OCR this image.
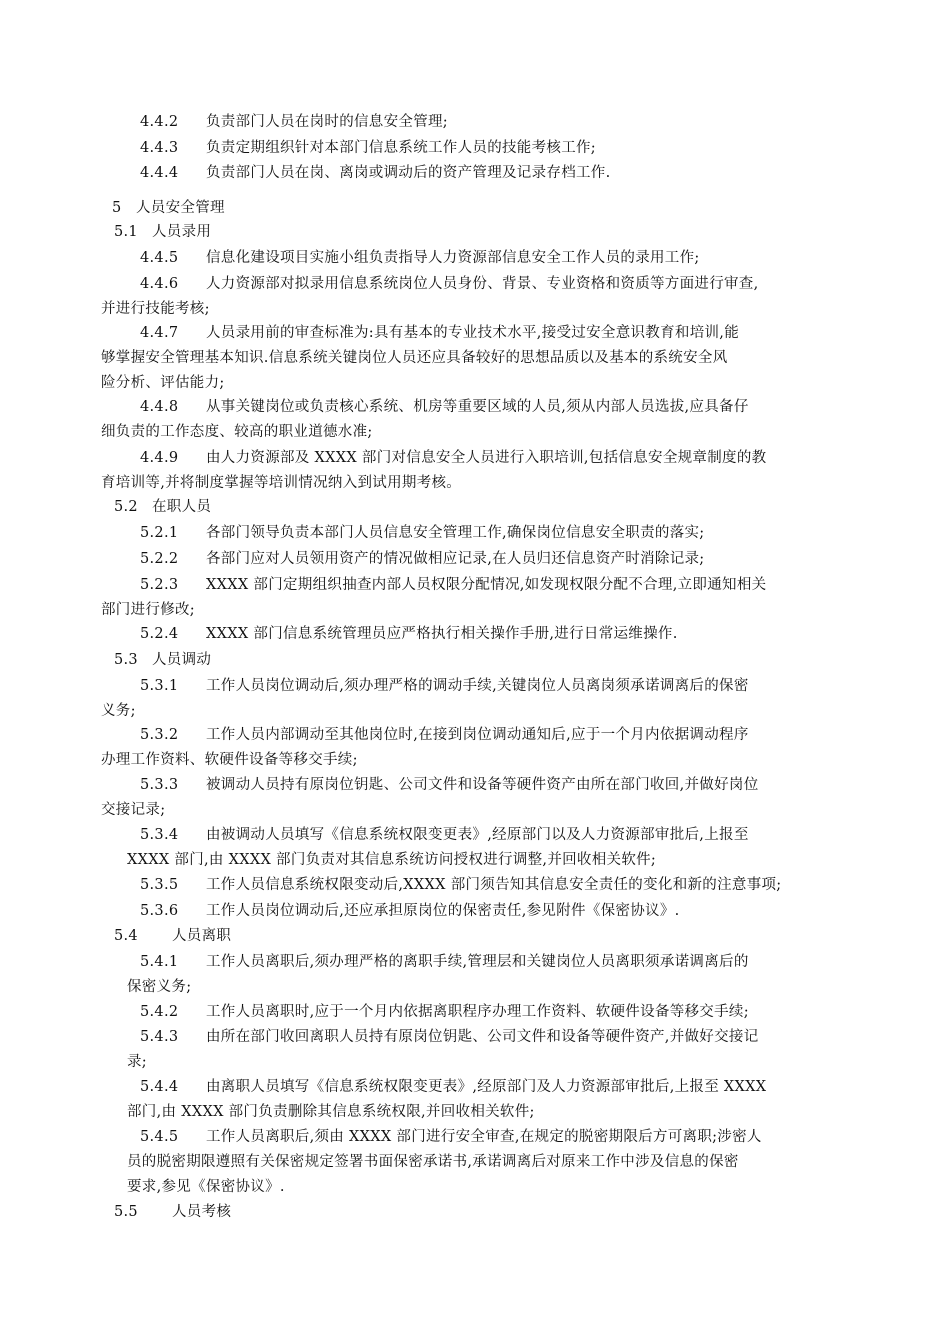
4.4.2 负责部门人员在岗时的信息安全管理;
4.4.3 负责定期组织针对本部门信息系统工作人员的技能考核工作;
4.4.4 负责部门人员在岗、离岗或调动后的资产管理及记录存档工作.
5 人员安全管理
5.1 人员录用
4.4.5 信息化建设项目实施小组负责指导人力资源部信息安全工作人员的录用工作;
4.4.6 人力资源部对拟录用信息系统岗位人员身份、背景、专业资格和资质等方面进行审查,
并进行技能考核;
4.4.7 人员录用前的审查标准为:具有基本的专业技术水平,接受过安全意识教育和培训,能
够掌握安全管理基本知识.信息系统关键岗位人员还应具备较好的思想品质以及基本的系统安全风
险分析、评估能力;
4.4.8 从事关键岗位或负责核心系统、机房等重要区域的人员,须从内部人员选拔,应具备仔
细负责的工作态度、较高的职业道德水准;
4.4.9 由人力资源部及 XXXX 部门对信息安全人员进行入职培训,包括信息安全规章制度的教
育培训等,并将制度掌握等培训情况纳入到试用期考核。
5.2 在职人员
5.2.1 各部门领导负责本部门人员信息安全管理工作,确保岗位信息安全职责的落实;
5.2.2 各部门应对人员领用资产的情况做相应记录,在人员归还信息资产时消除记录;
5.2.3 XXXX 部门定期组织抽查内部人员权限分配情况,如发现权限分配不合理,立即通知相关
部门进行修改;
5.2.4 XXXX 部门信息系统管理员应严格执行相关操作手册,进行日常运维操作.
5.3 人员调动
5.3.1 工作人员岗位调动后,须办理严格的调动手续,关键岗位人员离岗须承诺调离后的保密
义务;
5.3.2 工作人员内部调动至其他岗位时,在接到岗位调动通知后,应于一个月内依据调动程序
办理工作资料、软硬件设备等移交手续;
5.3.3 被调动人员持有原岗位钥匙、公司文件和设备等硬件资产由所在部门收回,并做好岗位
交接记录;
5.3.4 由被调动人员填写《信息系统权限变更表》,经原部门以及人力资源部审批后,上报至
XXXX 部门,由 XXXX 部门负责对其信息系统访问授权进行调整,并回收相关软件;
5.3.5 工作人员信息系统权限变动后,XXXX 部门须告知其信息安全责任的变化和新的注意事项;
5.3.6 工作人员岗位调动后,还应承担原岗位的保密责任,参见附件《保密协议》.
5.4 人员离职
5.4.1 工作人员离职后,须办理严格的离职手续,管理层和关键岗位人员离职须承诺调离后的
保密义务;
5.4.2 工作人员离职时,应于一个月内依据离职程序办理工作资料、软硬件设备等移交手续;
5.4.3 由所在部门收回离职人员持有原岗位钥匙、公司文件和设备等硬件资产,并做好交接记
录;
5.4.4 由离职人员填写《信息系统权限变更表》,经原部门及人力资源部审批后,上报至 XXXX
部门,由 XXXX 部门负责删除其信息系统权限,并回收相关软件;
5.4.5 工作人员离职后,须由 XXXX 部门进行安全审查,在规定的脱密期限后方可离职;涉密人
员的脱密期限遵照有关保密规定签署书面保密承诺书,承诺调离后对原来工作中涉及信息的保密
要求,参见《保密协议》.
5.5 人员考核
